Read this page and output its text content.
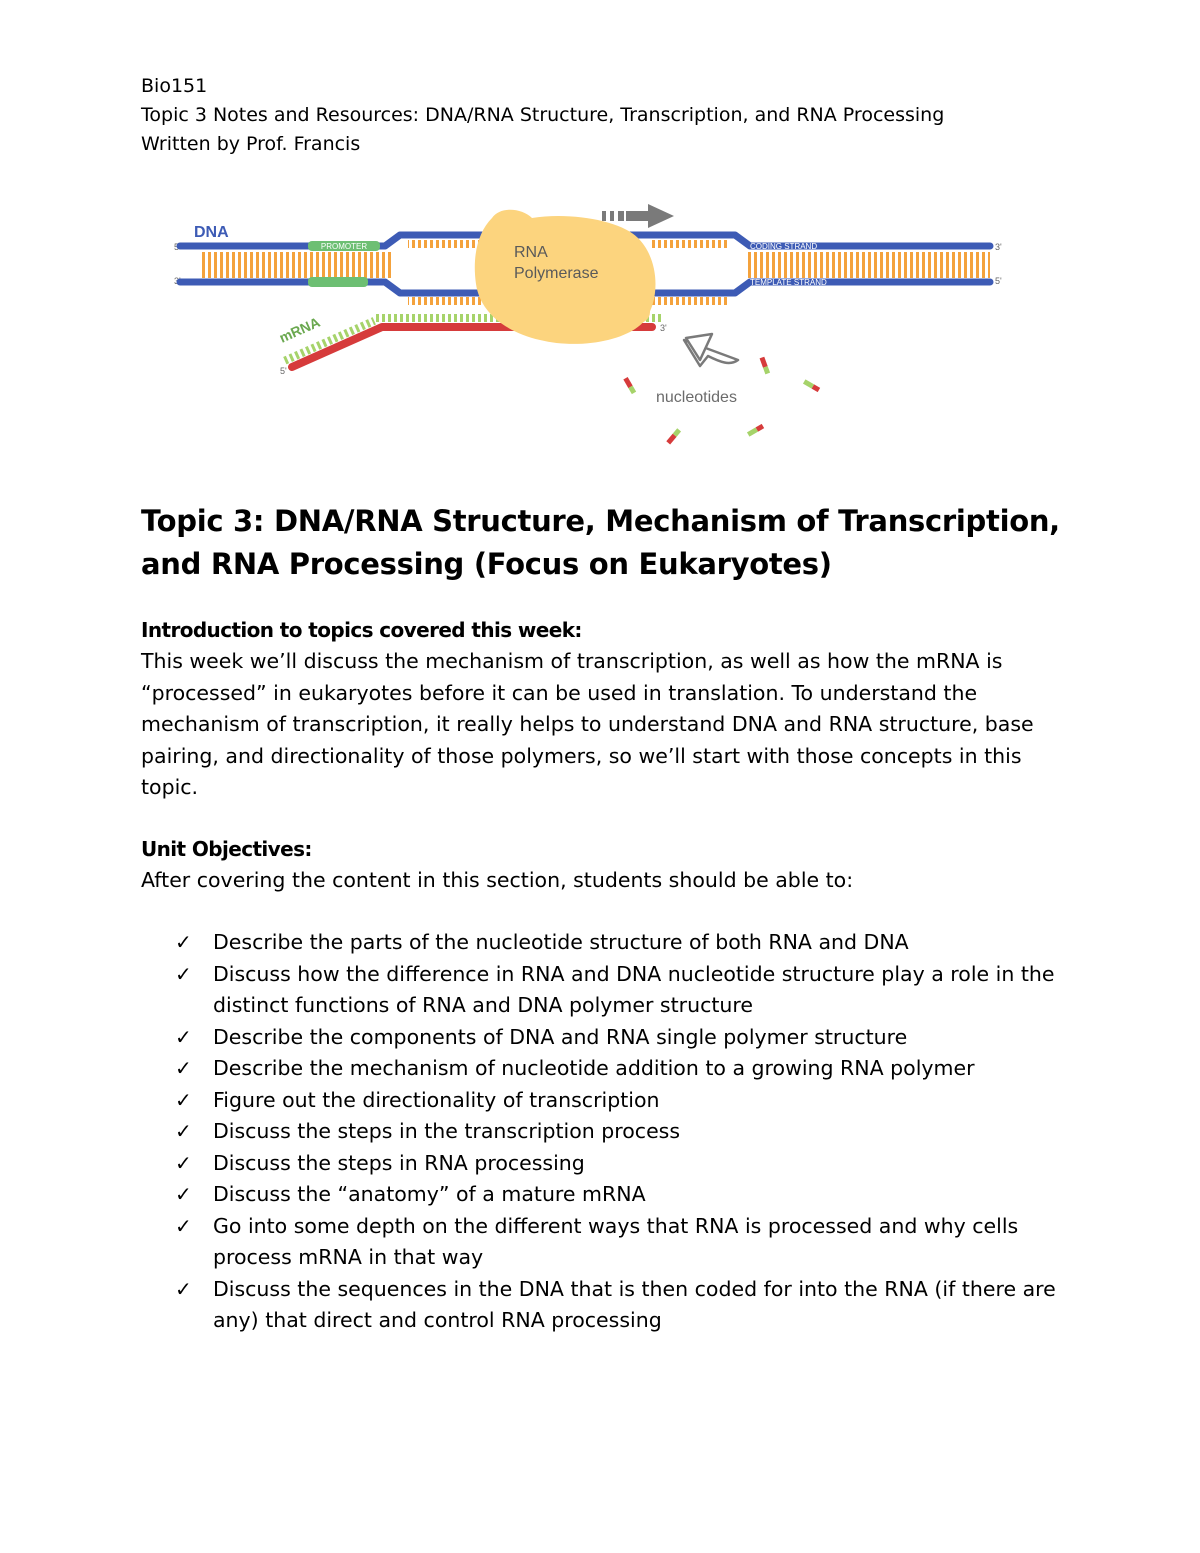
Bio151
Topic 3 Notes and Resources: DNA/RNA Structure, Transcription, and RNA Processing
Written by Prof. Francis
DNA
5'
3'
3'
5'
PROMOTER	CODING STRAND
TEMPLATE STRAND
5'
3'
mRNA
RNA
Polymerase
nucleotides
Topic 3: DNA/RNA Structure, Mechanism of Transcription, and RNA Processing (Focus on Eukaryotes)
Introduction to topics covered this week:
This week we’ll discuss the mechanism of transcription, as well as how the mRNA is “processed” in eukaryotes before it can be used in translation. To understand the mechanism of transcription, it really helps to understand DNA and RNA structure, base pairing, and directionality of those polymers, so we’ll start with those concepts in this topic.
Unit Objectives:
After covering the content in this section, students should be able to:
✓ Describe the parts of the nucleotide structure of both RNA and DNA
✓ Discuss how the difference in RNA and DNA nucleotide structure play a role in the distinct functions of RNA and DNA polymer structure
✓ Describe the components of DNA and RNA single polymer structure
✓ Describe the mechanism of nucleotide addition to a growing RNA polymer
✓ Figure out the directionality of transcription
✓ Discuss the steps in the transcription process
✓ Discuss the steps in RNA processing
✓ Discuss the “anatomy” of a mature mRNA
✓ Go into some depth on the different ways that RNA is processed and why cells process mRNA in that way
✓ Discuss the sequences in the DNA that is then coded for into the RNA (if there are any) that direct and control RNA processing
